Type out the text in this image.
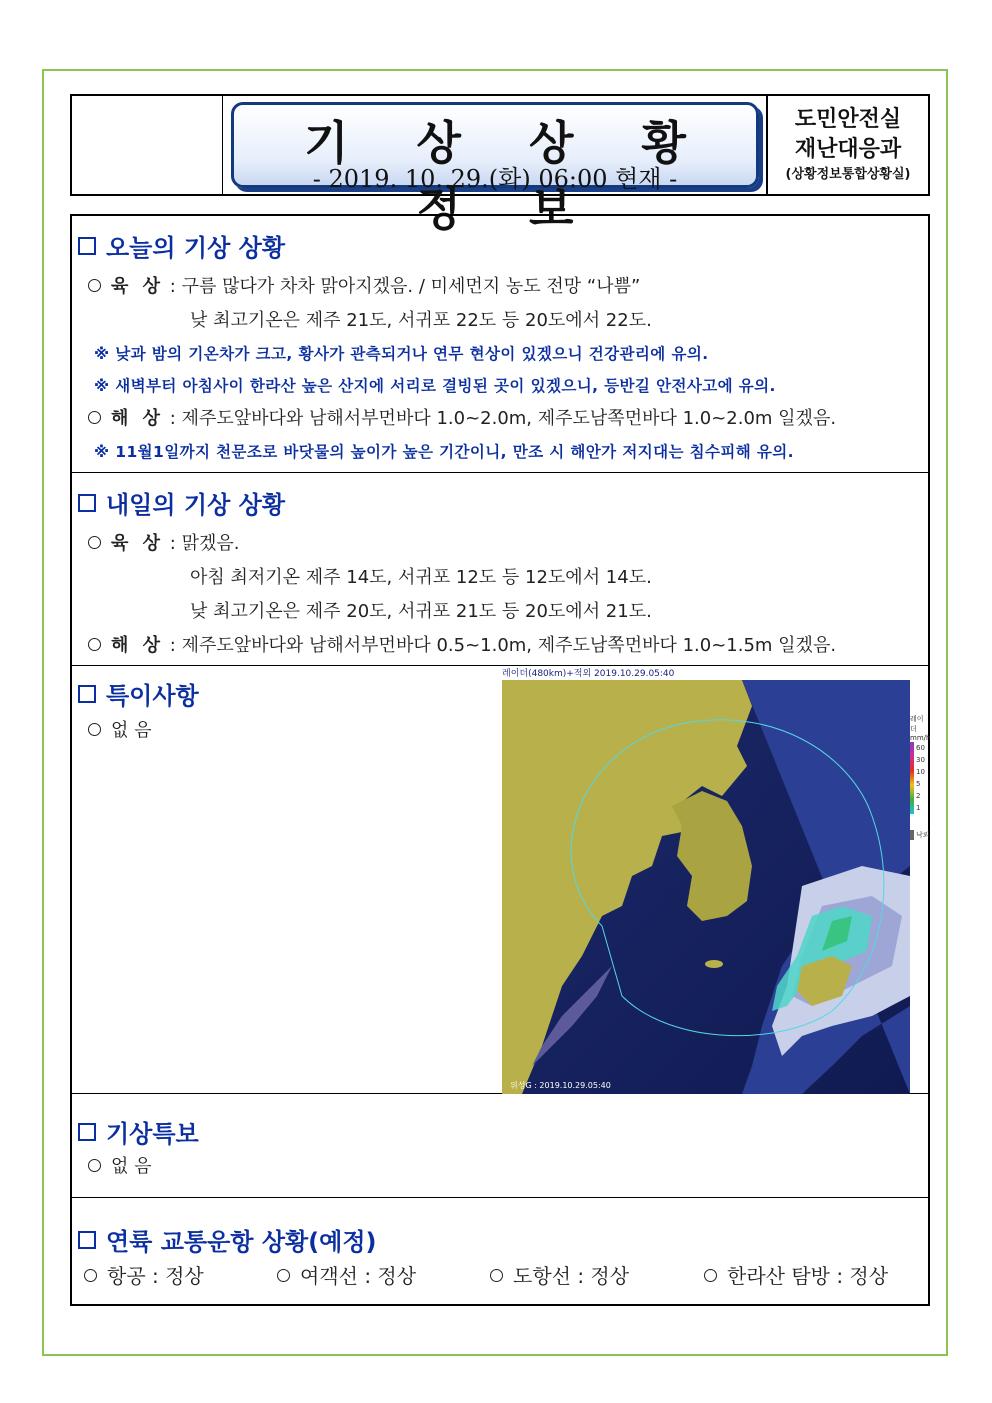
기 상 상 황 정 보
- 2019. 10. 29.(화) 06:00 현재 -
도민안전실
재난대응과
(상황정보통합상황실)
오늘의 기상 상황
육 상 : 구름 많다가 차차 맑아지겠음. / 미세먼지 농도 전망 “나쁨”
낮 최고기온은 제주 21도, 서귀포 22도 등 20도에서 22도.
※ 낮과 밤의 기온차가 크고, 황사가 관측되거나 연무 현상이 있겠으니 건강관리에 유의.
※ 새벽부터 아침사이 한라산 높은 산지에 서리로 결빙된 곳이 있겠으니, 등반길 안전사고에 유의.
해 상 : 제주도앞바다와 남해서부먼바다 1.0~2.0m, 제주도남쪽먼바다 1.0~2.0m 일겠음.
※ 11월1일까지 천문조로 바닷물의 높이가 높은 기간이니, 만조 시 해안가 저지대는 침수피해 유의.
내일의 기상 상황
육 상 : 맑겠음.
아침 최저기온 제주 14도, 서귀포 12도 등 12도에서 14도.
낮 최고기온은 제주 20도, 서귀포 21도 등 20도에서 21도.
해 상 : 제주도앞바다와 남해서부먼바다 0.5~1.0m, 제주도남쪽먼바다 1.0~1.5m 일겠음.
특이사항
없 음
레이더(480km)+적외 2019.10.29.05:40
위성G : 2019.10.29.05:40
레이더
mm/h
60
30
10
5
2
1
낙뢰
기상특보
없 음
연륙 교통운항 상황(예정)
항공 : 정상	여객선 : 정상	도항선 : 정상	한라산 탐방 : 정상
